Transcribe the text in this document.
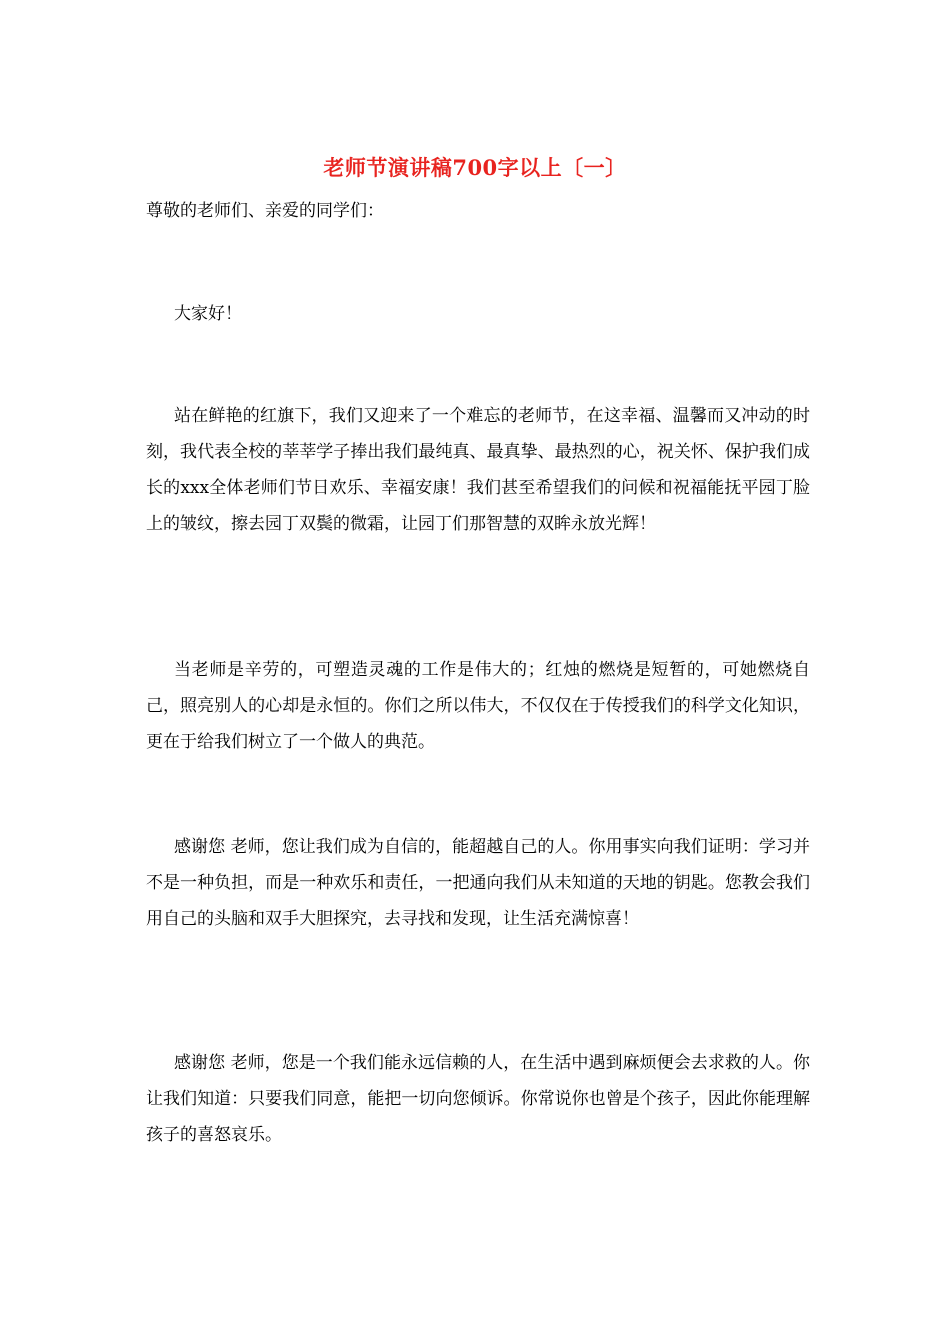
老师节演讲稿700字以上〔一〕

尊敬的老师们、亲爱的同学们：

大家好！

站在鲜艳的红旗下，我们又迎来了一个难忘的老师节，在这幸福、温馨而又冲动的时刻，我代表全校的莘莘学子捧出我们最纯真、最真挚、最热烈的心，祝关怀、保护我们成长的xxx全体老师们节日欢乐、幸福安康！我们甚至希望我们的问候和祝福能抚平园丁脸上的皱纹，擦去园丁双鬓的微霜，让园丁们那智慧的双眸永放光辉！

当老师是辛劳的，可塑造灵魂的工作是伟大的；红烛的燃烧是短暂的，可她燃烧自己，照亮别人的心却是永恒的。你们之所以伟大，不仅仅在于传授我们的科学文化知识，更在于给我们树立了一个做人的典范。

感谢您 老师，您让我们成为自信的，能超越自己的人。你用事实向我们证明：学习并不是一种负担，而是一种欢乐和责任，一把通向我们从未知道的天地的钥匙。您教会我们用自己的头脑和双手大胆探究，去寻找和发现，让生活充满惊喜！

感谢您 老师，您是一个我们能永远信赖的人，在生活中遇到麻烦便会去求救的人。你让我们知道：只要我们同意，能把一切向您倾诉。你常说你也曾是个孩子，因此你能理解孩子的喜怒哀乐。
